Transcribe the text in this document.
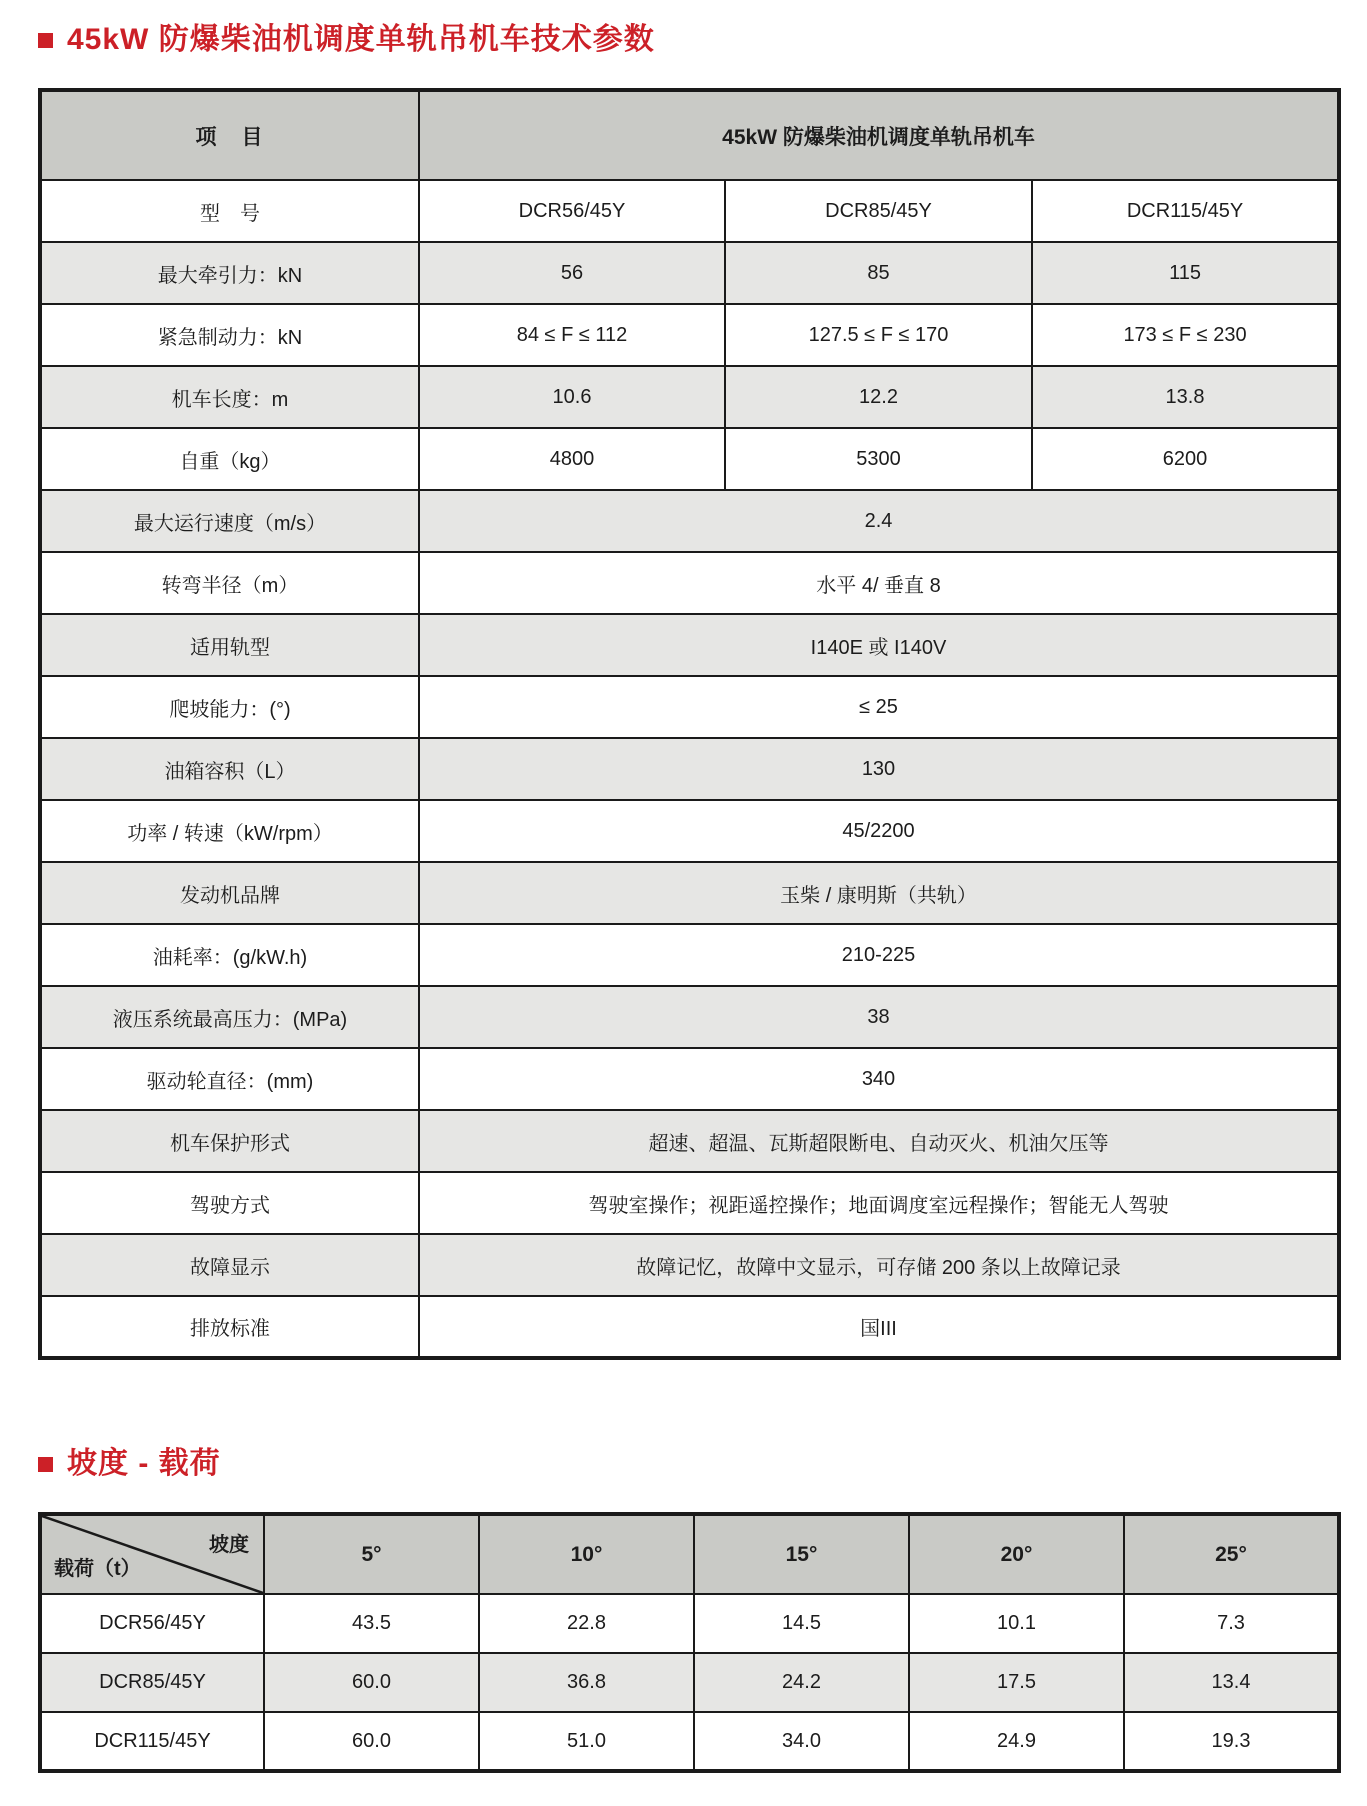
45kW 防爆柴油机调度单轨吊机车技术参数
项　目	45kW 防爆柴油机调度单轨吊机车		
型　号	DCR56/45Y	DCR85/45Y	DCR115/45Y
最大牵引力：kN	56	85	115
紧急制动力：kN	84 ≤ F ≤ 112	127.5 ≤ F ≤ 170	173 ≤ F ≤ 230
机车长度：m	10.6	12.2	13.8
自重（kg）	4800	5300	6200
最大运行速度（m/s）	2.4		
转弯半径（m）	水平 4/ 垂直 8		
适用轨型	I140E 或 I140V		
爬坡能力：(°)	≤ 25		
油箱容积（L）	130		
功率 / 转速（kW/rpm）	45/2200		
发动机品牌	玉柴 / 康明斯（共轨）		
油耗率：(g/kW.h)	210-225		
液压系统最高压力：(MPa)	38		
驱动轮直径：(mm)	340		
机车保护形式	超速、超温、瓦斯超限断电、自动灭火、机油欠压等		
驾驶方式	驾驶室操作；视距遥控操作；地面调度室远程操作；智能无人驾驶		
故障显示	故障记忆，故障中文显示，可存储 200 条以上故障记录		
排放标准	国III		
坡度 - 载荷
坡度
载荷（t）	5°	10°	15°	20°	25°
DCR56/45Y	43.5	22.8	14.5	10.1	7.3
DCR85/45Y	60.0	36.8	24.2	17.5	13.4
DCR115/45Y	60.0	51.0	34.0	24.9	19.3
